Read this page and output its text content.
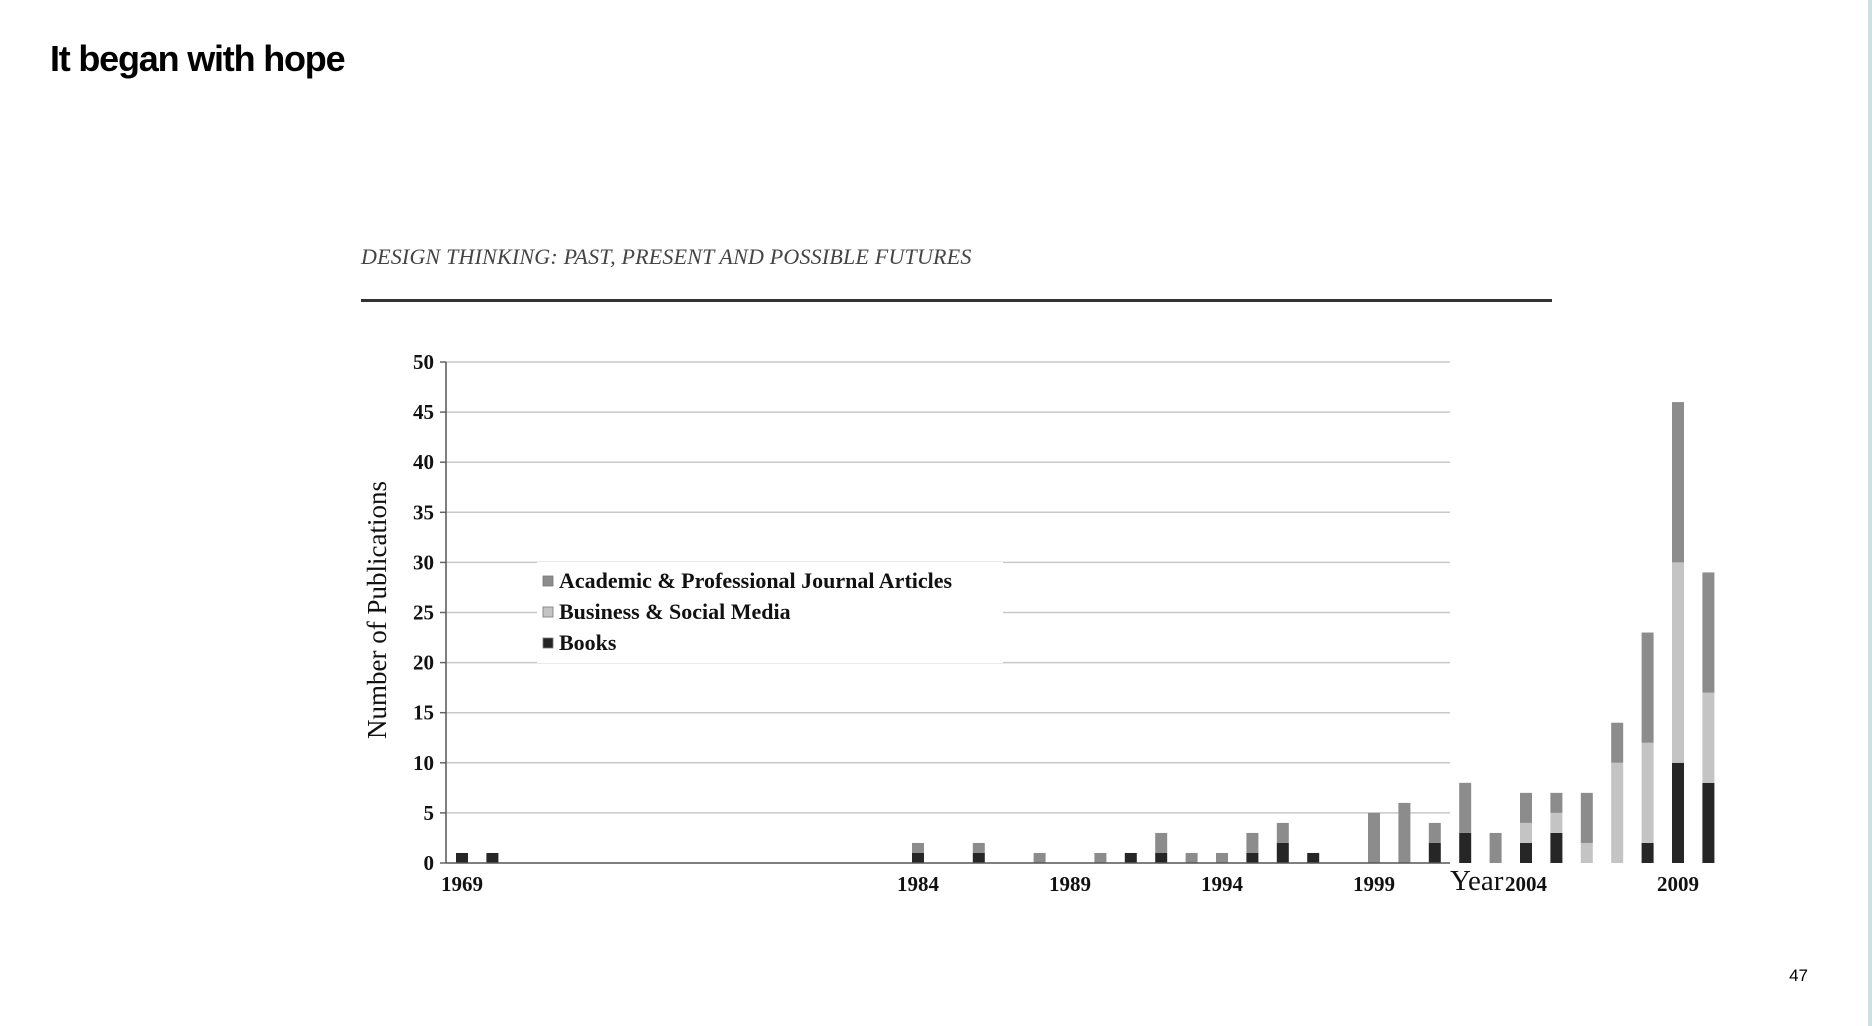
It began with hope
DESIGN THINKING: PAST, PRESENT AND POSSIBLE FUTURES
47
0
5
10
15
20
25
30
35
40
45
50
1969	1984	1989	1994	1999	2004	2009
Number of Publications
Year
Academic & Professional Journal Articles
Business & Social Media
Books
